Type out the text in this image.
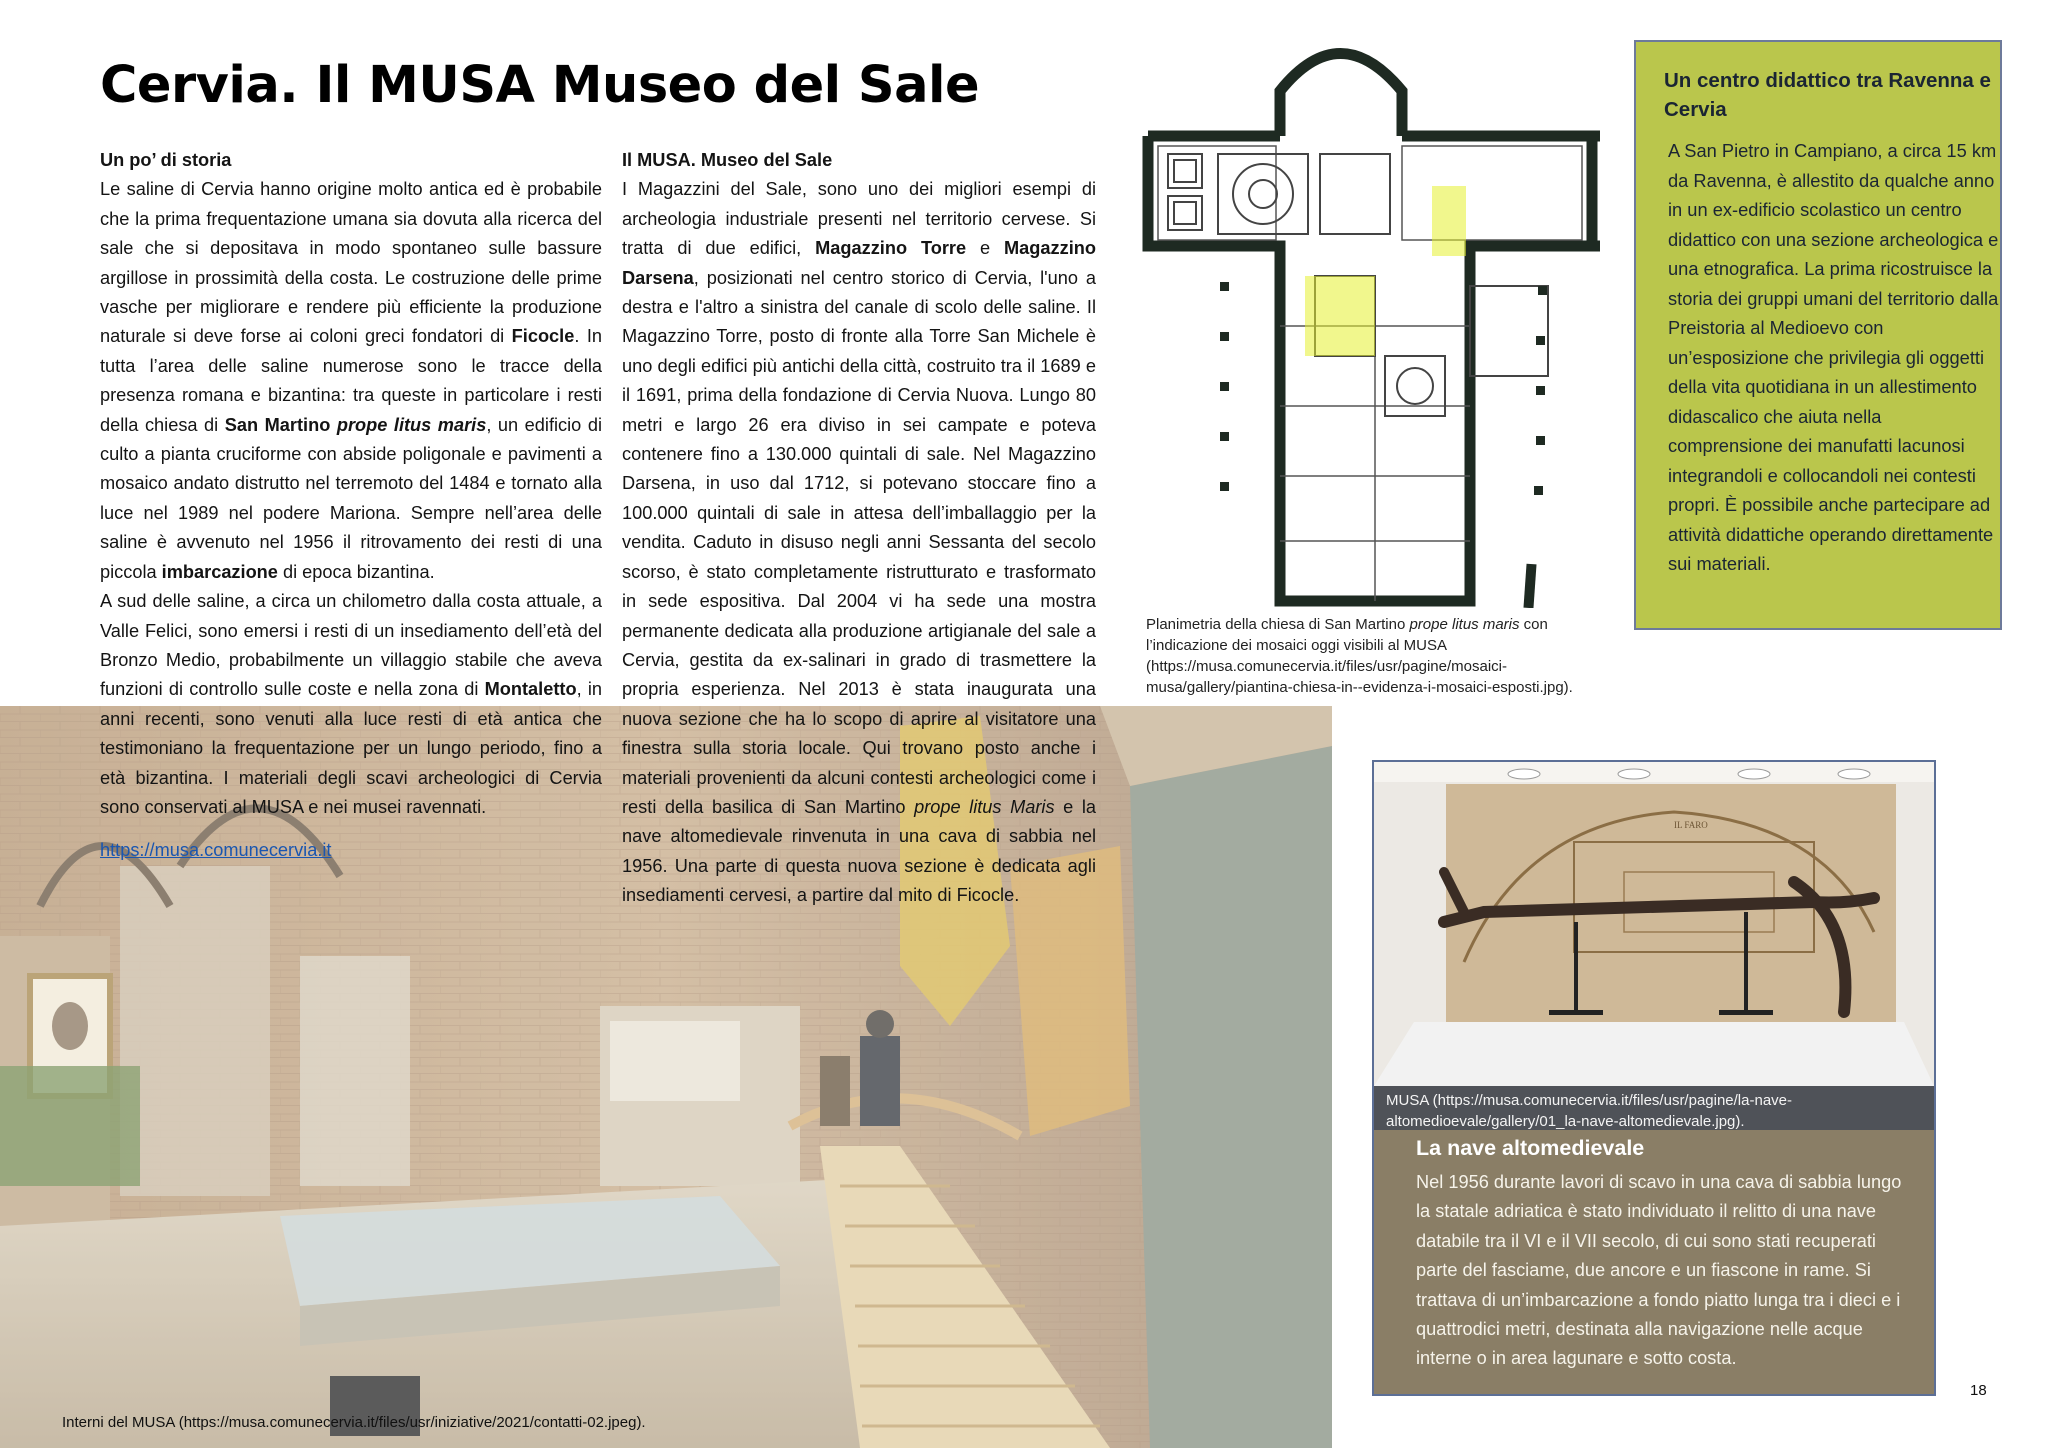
Cervia. Il MUSA Museo del Sale

Un po’ di storia

Le saline di Cervia hanno origine molto antica ed è probabile che la prima frequentazione umana sia dovuta alla ricerca del sale che si depositava in modo spontaneo sulle bassure argillose in prossimità della costa. Le costruzione delle prime vasche per migliorare e rendere più efficiente la produzione naturale si deve forse ai coloni greci fondatori di Ficocle. In tutta l’area delle saline numerose sono le tracce della presenza romana e bizantina: tra queste in particolare i resti della chiesa di San Martino prope litus maris, un edificio di culto a pianta cruciforme con abside poligonale e pavimenti a mosaico andato distrutto nel terremoto del 1484 e tornato alla luce nel 1989 nel podere Mariona. Sempre nell’area delle saline è avvenuto nel 1956 il ritrovamento dei resti di una piccola imbarcazione di epoca bizantina.

A sud delle saline, a circa un chilometro dalla costa attuale, a Valle Felici, sono emersi i resti di un insediamento dell’età del Bronzo Medio, probabilmente un villaggio stabile che aveva funzioni di controllo sulle coste e nella zona di Montaletto, in anni recenti, sono venuti alla luce resti di età antica che testimoniano la frequentazione per un lungo periodo, fino a età bizantina. I materiali degli scavi archeologici di Cervia sono conservati al MUSA e nei musei ravennati.

https://musa.comunecervia.it

Il MUSA. Museo del Sale

I Magazzini del Sale, sono uno dei migliori esempi di archeologia industriale presenti nel territorio cervese. Si tratta di due edifici, Magazzino Torre e Magazzino Darsena, posizionati nel centro storico di Cervia, l'uno a destra e l'altro a sinistra del canale di scolo delle saline. Il Magazzino Torre, posto di fronte alla Torre San Michele è uno degli edifici più antichi della città, costruito tra il 1689 e il 1691, prima della fondazione di Cervia Nuova. Lungo 80 metri e largo 26 era diviso in sei campate e poteva contenere fino a 130.000 quintali di sale. Nel Magazzino Darsena, in uso dal 1712, si potevano stoccare fino a 100.000 quintali di sale in attesa dell’imballaggio per la vendita. Caduto in disuso negli anni Sessanta del secolo scorso, è stato completamente ristrutturato e trasformato in sede espositiva. Dal 2004 vi ha sede una mostra permanente dedicata alla produzione artigianale del sale a Cervia, gestita da ex-salinari in grado di trasmettere la propria esperienza. Nel 2013 è stata inaugurata una nuova sezione che ha lo scopo di aprire al visitatore una finestra sulla storia locale. Qui trovano posto anche i materiali provenienti da alcuni contesti archeologici come i resti della basilica di San Martino prope litus Maris e la nave altomedievale rinvenuta in una cava di sabbia nel 1956. Una parte di questa nuova sezione è dedicata agli insediamenti cervesi, a partire dal mito di Ficocle.

Planimetria della chiesa di San Martino prope litus maris con l’indicazione dei mosaici oggi visibili al MUSA (https://musa.comunecervia.it/files/usr/pagine/mosaici-musa/gallery/piantina-chiesa-in--evidenza-i-mosaici-esposti.jpg).
Un centro didattico tra Ravenna e Cervia
A San Pietro in Campiano, a circa 15 km da Ravenna, è allestito da qualche anno in un ex-edificio scolastico un centro didattico con una sezione archeologica e una etnografica. La prima ricostruisce la storia dei gruppi umani del territorio dalla Preistoria al Medioevo con un’esposizione che privilegia gli oggetti della vita quotidiana in un allestimento didascalico che aiuta nella comprensione dei manufatti lacunosi integrandoli e collocandoli nei contesti propri. È possibile anche partecipare ad attività didattiche operando direttamente sui materiali.
IL FARO
MUSA (https://musa.comunecervia.it/files/usr/pagine/la-nave-altomedioevale/gallery/01_la-nave-altomedievale.jpg).
La nave altomedievale
Nel 1956 durante lavori di scavo in una cava di sabbia lungo la statale adriatica è stato individuato il relitto di una nave databile tra il VI e il VII secolo, di cui sono stati recuperati parte del fasciame, due ancore e un fiascone in rame. Si trattava di un’imbarcazione a fondo piatto lunga tra i dieci e i quattrodici metri, destinata alla navigazione nelle acque interne o in area lagunare e sotto costa.
Interni del MUSA (https://musa.comunecervia.it/files/usr/iniziative/2021/contatti-02.jpeg).
18
